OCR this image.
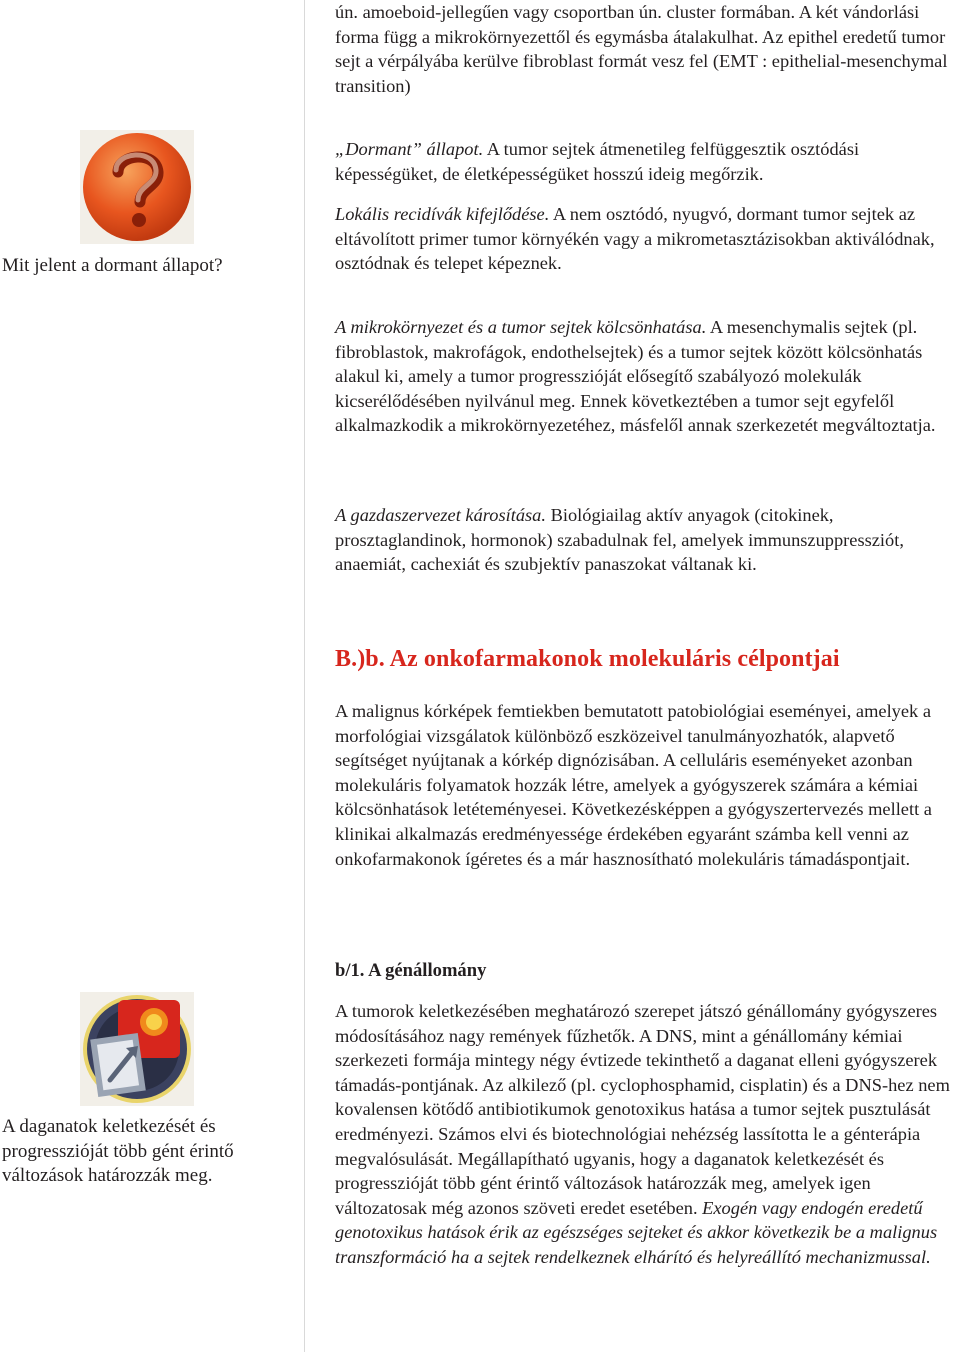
Mit jelent a dormant állapot?

ún. amoeboid-jellegűen vagy csoportban ún. cluster formában. A két vándorlási forma függ a mikrokörnyezettől és egymásba átalakulhat. Az epithel eredetű tumor sejt a vérpályába kerülve fibroblast formát vesz fel (EMT : epithelial-mesenchymal transition)

„Dormant” állapot. A tumor sejtek átmenetileg felfüggesztik osztódási képességüket, de életképességüket hosszú ideig megőrzik.

Lokális recidívák kifejlődése. A nem osztódó, nyugvó, dormant tumor sejtek az eltávolított primer tumor környékén vagy a mikrometasztázisokban aktiválódnak, osztódnak és telepet képeznek.

A mikrokörnyezet és a tumor sejtek kölcsönhatása. A mesenchymalis sejtek (pl. fibroblastok, makrofágok, endothelsejtek) és a tumor sejtek között kölcsönhatás alakul ki, amely a tumor progresszióját elősegítő szabályozó molekulák kicserélődésében nyilvánul meg. Ennek következtében a tumor sejt egyfelől alkalmazkodik a mikrokörnyezetéhez, másfelől annak szerkezetét megváltoztatja.

A gazdaszervezet károsítása. Biológiailag aktív anyagok (citokinek, prosztaglandinok, hormonok) szabadulnak fel, amelyek immunszuppressziót, anaemiát, cachexiát és szubjektív panaszokat váltanak ki.

B.)b. Az onkofarmakonok molekuláris célpontjai

A malignus kórképek femtiekben bemutatott patobiológiai eseményei, amelyek a morfológiai vizsgálatok különböző eszközeivel tanulmányozhatók, alapvető segítséget nyújtanak a kórkép dignózisában. A celluláris eseményeket azonban molekuláris folyamatok hozzák létre, amelyek a gyógyszerek számára a kémiai kölcsönhatások letéteményesei. Következésképpen a gyógyszertervezés mellett a klinikai alkalmazás eredményessége érdekében egyaránt számba kell venni az onkofarmakonok ígéretes és a már hasznosítható molekuláris támadáspontjait.

b/1. A génállomány
A daganatok keletkezését és progresszióját több gént érintő változások határozzák meg.

A tumorok keletkezésében meghatározó szerepet játszó génállomány gyógyszeres módosításához nagy remények fűzhetők. A DNS, mint a génállomány kémiai szerkezeti formája mintegy négy évtizede tekinthető a daganat elleni gyógyszerek támadás-pontjának. Az alkilező (pl. cyclophosphamid, cisplatin) és a DNS-hez nem kovalensen kötődő antibiotikumok genotoxikus hatása a tumor sejtek pusztulását eredményezi. Számos elvi és biotechnológiai nehézség lassította le a génterápia megvalósulását. Megállapítható ugyanis, hogy a daganatok keletkezését és progresszióját több gént érintő változások határozzák meg, amelyek igen változatosak még azonos szöveti eredet esetében. Exogén vagy endogén eredetű genotoxikus hatások érik az egészséges sejteket és akkor következik be a malignus transzformáció ha a sejtek rendelkeznek elhárító és helyreállító mechanizmussal.
